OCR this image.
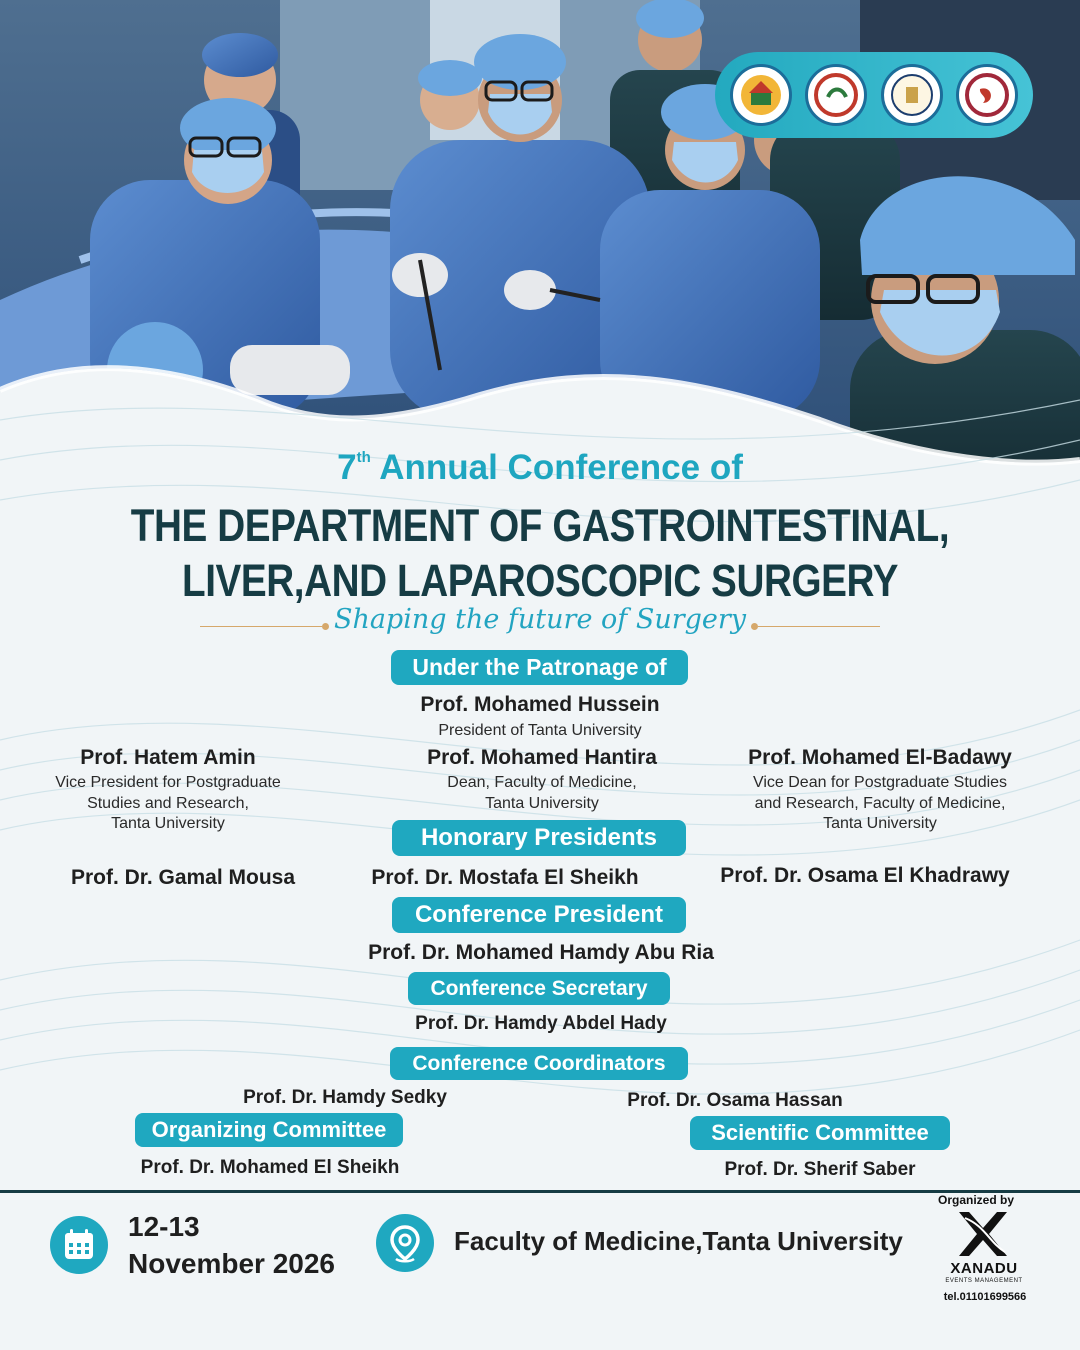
7th Annual Conference of
THE DEPARTMENT OF GASTROINTESTINAL,
LIVER,AND LAPAROSCOPIC SURGERY
Shaping the future of Surgery
Under the Patronage of
Prof. Mohamed Hussein
President of Tanta University
Prof. Hatem Amin
Vice President for Postgraduate
Studies and Research,
Tanta University
Prof. Mohamed Hantira
Dean, Faculty of Medicine,
Tanta University
Prof. Mohamed El-Badawy
Vice Dean for Postgraduate Studies
and Research, Faculty of Medicine,
Tanta University
Honorary Presidents
Prof. Dr. Gamal Mousa	Prof. Dr. Mostafa El Sheikh	Prof. Dr. Osama El Khadrawy
Conference President
Prof. Dr. Mohamed Hamdy Abu Ria
Conference Secretary
Prof. Dr. Hamdy Abdel Hady
Conference Coordinators
Prof. Dr. Hamdy Sedky	Prof. Dr. Osama Hassan
Organizing Committee
Prof. Dr. Mohamed El Sheikh
Scientific Committee
Prof. Dr. Sherif Saber
12-13
November 2026
Faculty of Medicine,Tanta University
Organized by
XANADU
EVENTS MANAGEMENT
tel.01101699566
